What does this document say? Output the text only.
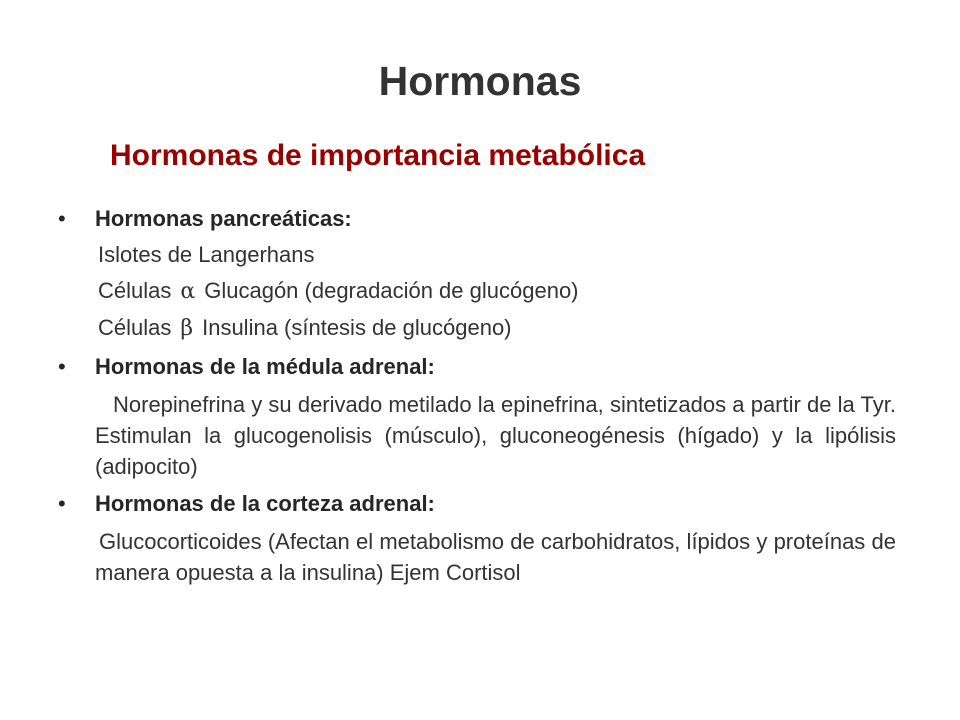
Hormonas
Hormonas de importancia metabólica
• Hormonas pancreáticas:
Islotes de Langerhans
Células α Glucagón (degradación de glucógeno)
Células β Insulina (síntesis de glucógeno)
• Hormonas de la médula adrenal:
Norepinefrina y su derivado metilado la epinefrina, sintetizados a partir de la Tyr. Estimulan la glucogenolisis (músculo), gluconeogénesis (hígado) y la lipólisis (adipocito)
• Hormonas de la corteza adrenal:
Glucocorticoides (Afectan el metabolismo de carbohidratos, lípidos y proteínas de manera opuesta a la insulina) Ejem Cortisol
